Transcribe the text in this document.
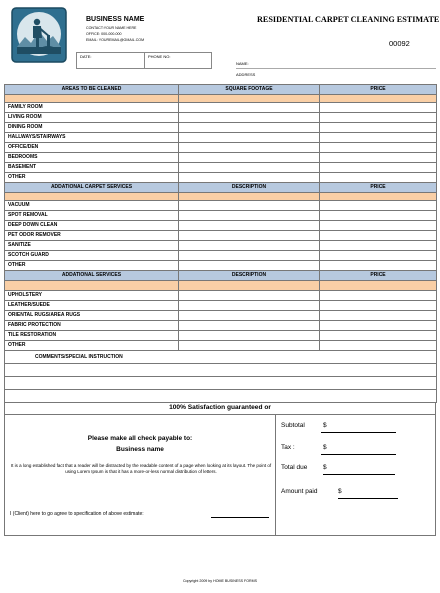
BUSINESS NAME
CONTACT:YOUR NAME HERE
OFFICE: 000-000-000
EMAIL: YOUREMAIL@GMAIL.COM
DATE:	PHONE NO:
RESIDENTIAL CARPET CLEANING ESTIMATE
00092
NAME:
ADDRESS
AREAS TO BE CLEANED	SQUARE FOOTAGE	PRICE

FAMILY ROOM		
LIVING ROOM		
DINING ROOM		
HALLWAYS/STAIRWAYS		
OFFICE/DEN		
BEDROOMS		
BASEMENT		
OTHER		
ADDATIONAL CARPET SERVICES	DESCRIPTION	PRICE

VACUUM		
SPOT REMOVAL		
DEEP DOWN CLEAN		
PET ODOR REMOVER		
SANITIZE		
SCOTCH GUARD		
OTHER		
ADDATIONAL SERVICES	DESCRIPTION	PRICE

UPHOLSTERY		
LEATHER/SUEDE		
ORIENTAL RUGS/AREA RUGS		
FABRIC PROTECTION		
TILE RESTORATION		
OTHER		
COMMENTS/SPECIAL INSTRUCTION		

100% Satisfaction guaranteed or
Please make all check payable to:
Business name
It is a long established fact that a reader will be distracted by the readable content of a page when looking at its layout. The point of using Lorem Ipsum is that it has a more-or-less normal distribution of letters.
I (Client) here to go agree to specification of above estimate:
Subtotal	$
Tax :	$
Total due $
Amount paid	$
Copyright 2009 by HOME BUSINESS FORMS
